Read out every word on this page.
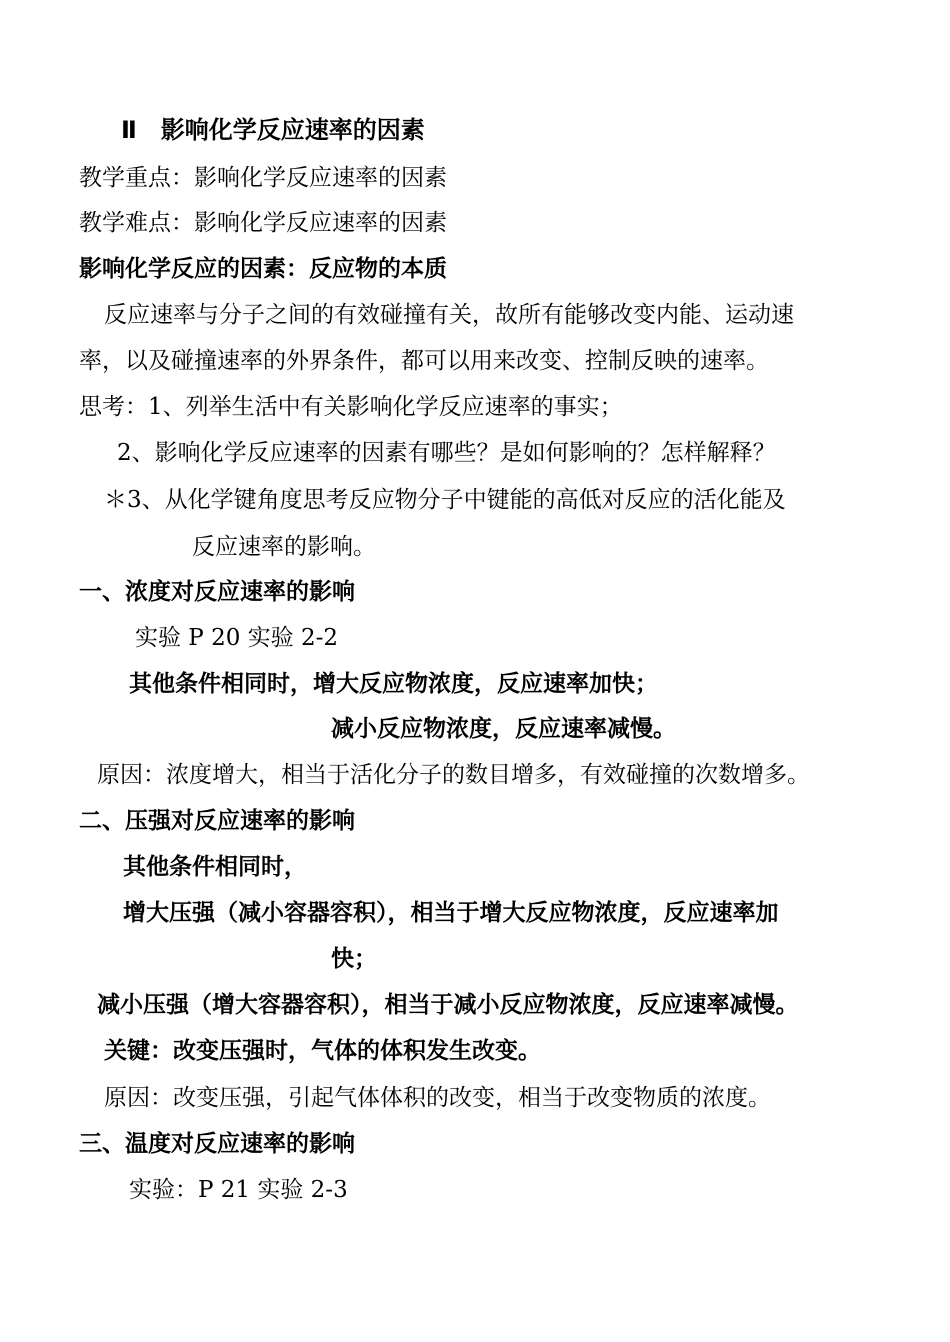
Ⅱ　影响化学反应速率的因素
教学重点：影响化学反应速率的因素
教学难点：影响化学反应速率的因素
影响化学反应的因素：反应物的本质
反应速率与分子之间的有效碰撞有关，故所有能够改变内能、运动速
率，以及碰撞速率的外界条件，都可以用来改变、控制反映的速率。
思考：1、列举生活中有关影响化学反应速率的事实；
2、影响化学反应速率的因素有哪些？是如何影响的？怎样解释？
＊3、从化学键角度思考反应物分子中键能的高低对反应的活化能及
反应速率的影响。
一、浓度对反应速率的影响
实验 P 20 实验 2-2
其他条件相同时，增大反应物浓度，反应速率加快；
减小反应物浓度，反应速率减慢。
原因：浓度增大，相当于活化分子的数目增多，有效碰撞的次数增多。
二、压强对反应速率的影响
其他条件相同时，
增大压强（减小容器容积），相当于增大反应物浓度，反应速率加
快；
减小压强（增大容器容积），相当于减小反应物浓度，反应速率减慢。
关键：改变压强时，气体的体积发生改变。
原因：改变压强，引起气体体积的改变，相当于改变物质的浓度。
三、温度对反应速率的影响
实验：P 21 实验 2-3
